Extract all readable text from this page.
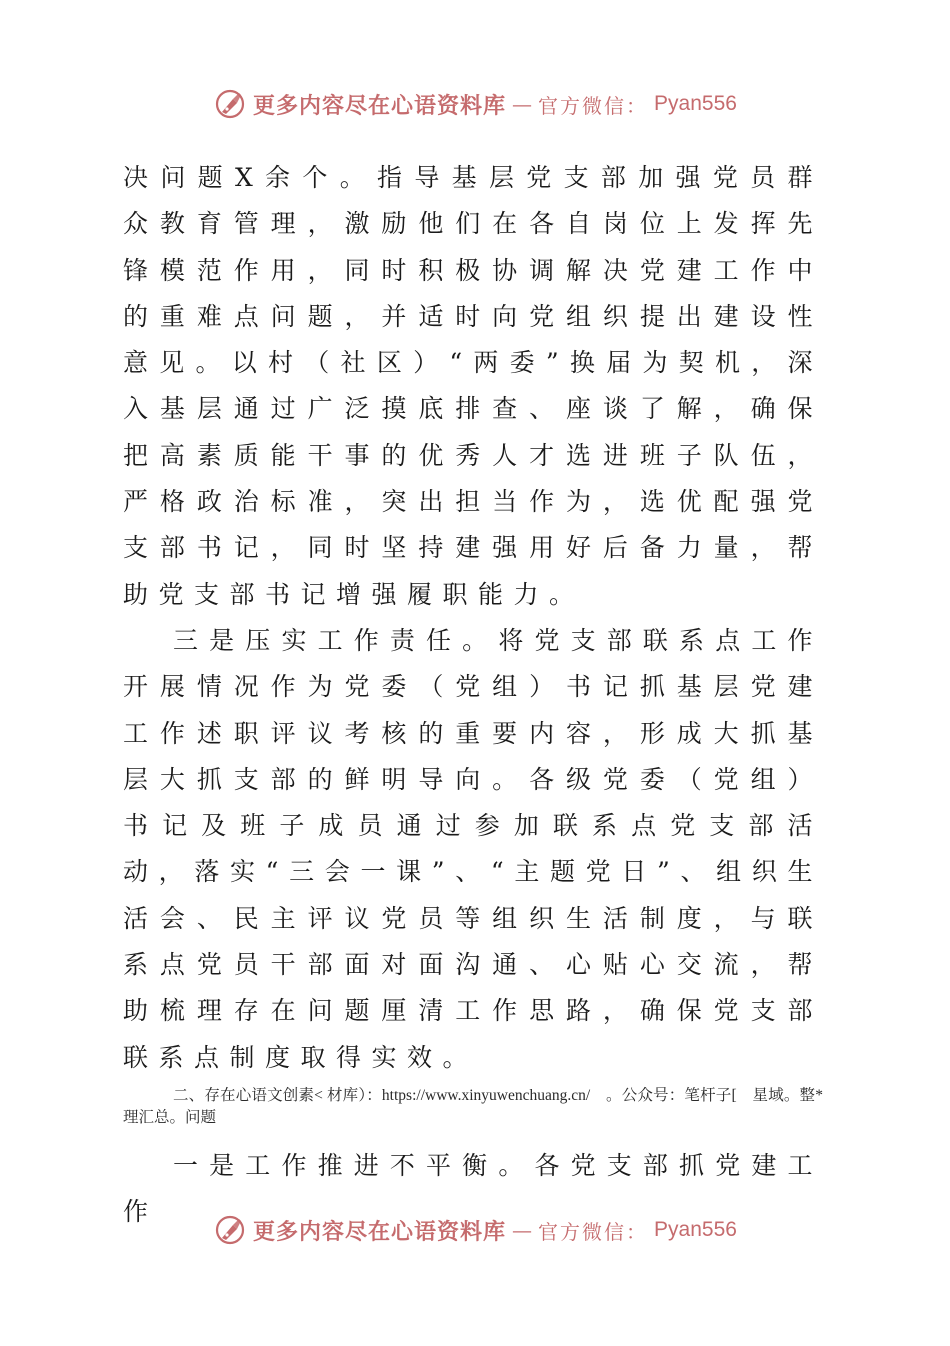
更多内容尽在心语资料库 — 官方微信： Pyan556

决问题X余个。指导基层党支部加强党员群众教育管理，激励他们在各自岗位上发挥先锋模范作用，同时积极协调解决党建工作中的重难点问题，并适时向党组织提出建设性意见。以村（社区）“两委”换届为契机，深入基层通过广泛摸底排查、座谈了解，确保把高素质能干事的优秀人才选进班子队伍，严格政治标准，突出担当作为，选优配强党支部书记，同时坚持建强用好后备力量，帮助党支部书记增强履职能力。

三是压实工作责任。将党支部联系点工作开展情况作为党委（党组）书记抓基层党建工作述职评议考核的重要内容，形成大抓基层大抓支部的鲜明导向。各级党委（党组）书记及班子成员通过参加联系点党支部活动，落实“三会一课”、“主题党日”、组织生活会、民主评议党员等组织生活制度，与联系点党员干部面对面沟通、心贴心交流，帮助梳理存在问题厘清工作思路，确保党支部联系点制度取得实效。

二、存在心语文创素< 材库）：https://www.xinyuwenchuang.cn/　。公众号：笔杆子[　星域。整* 理汇总。问题

一是工作推进不平衡。各党支部抓党建工作

更多内容尽在心语资料库 — 官方微信： Pyan556
